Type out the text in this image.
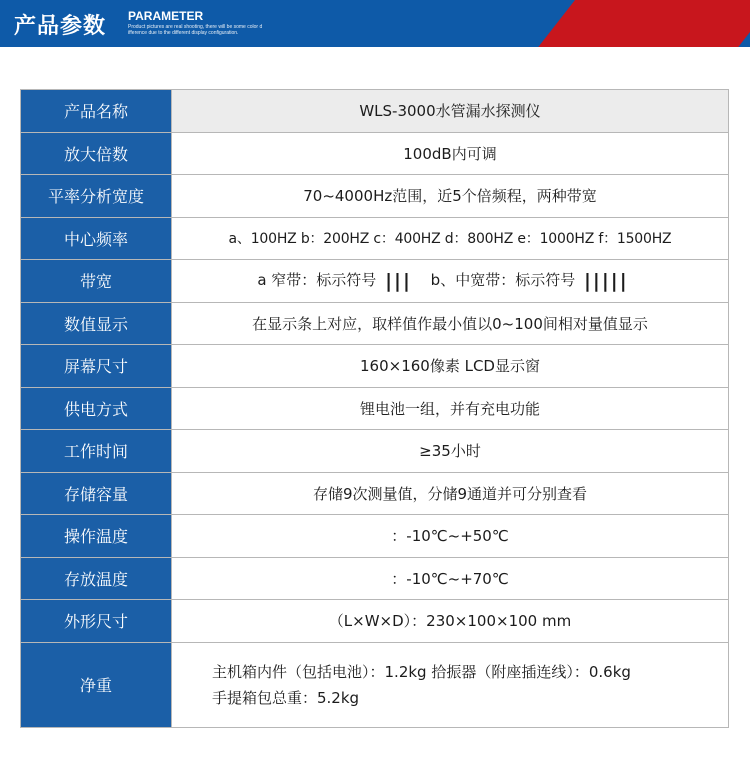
产品参数 PARAMETER
Product pictures are real shooting, there will be some color d
ifference due to the different display configuration.
产品名称	WLS-3000水管漏水探测仪
放大倍数	100dB内可调
平率分析宽度	70~4000Hz范围，近5个倍频程，两种带宽
中心频率	a、100HZ b：200HZ c：400HZ d：800HZ e：1000HZ f：1500HZ
带宽	a 窄带：标示符号 ||| b、中宽带：标示符号 |||||
数值显示	在显示条上对应，取样值作最小值以0~100间相对量值显示
屏幕尺寸	160×160像素 LCD显示窗
供电方式	锂电池一组，并有充电功能
工作时间	≥35小时
存储容量	存储9次测量值，分储9通道并可分别查看
操作温度	：-10℃~+50℃
存放温度	：-10℃~+70℃
外形尺寸	（L×W×D）：230×100×100 mm
净重	主机箱内件（包括电池）：1.2kg 拾振器（附座插连线）：0.6kg
手提箱包总重：5.2kg
